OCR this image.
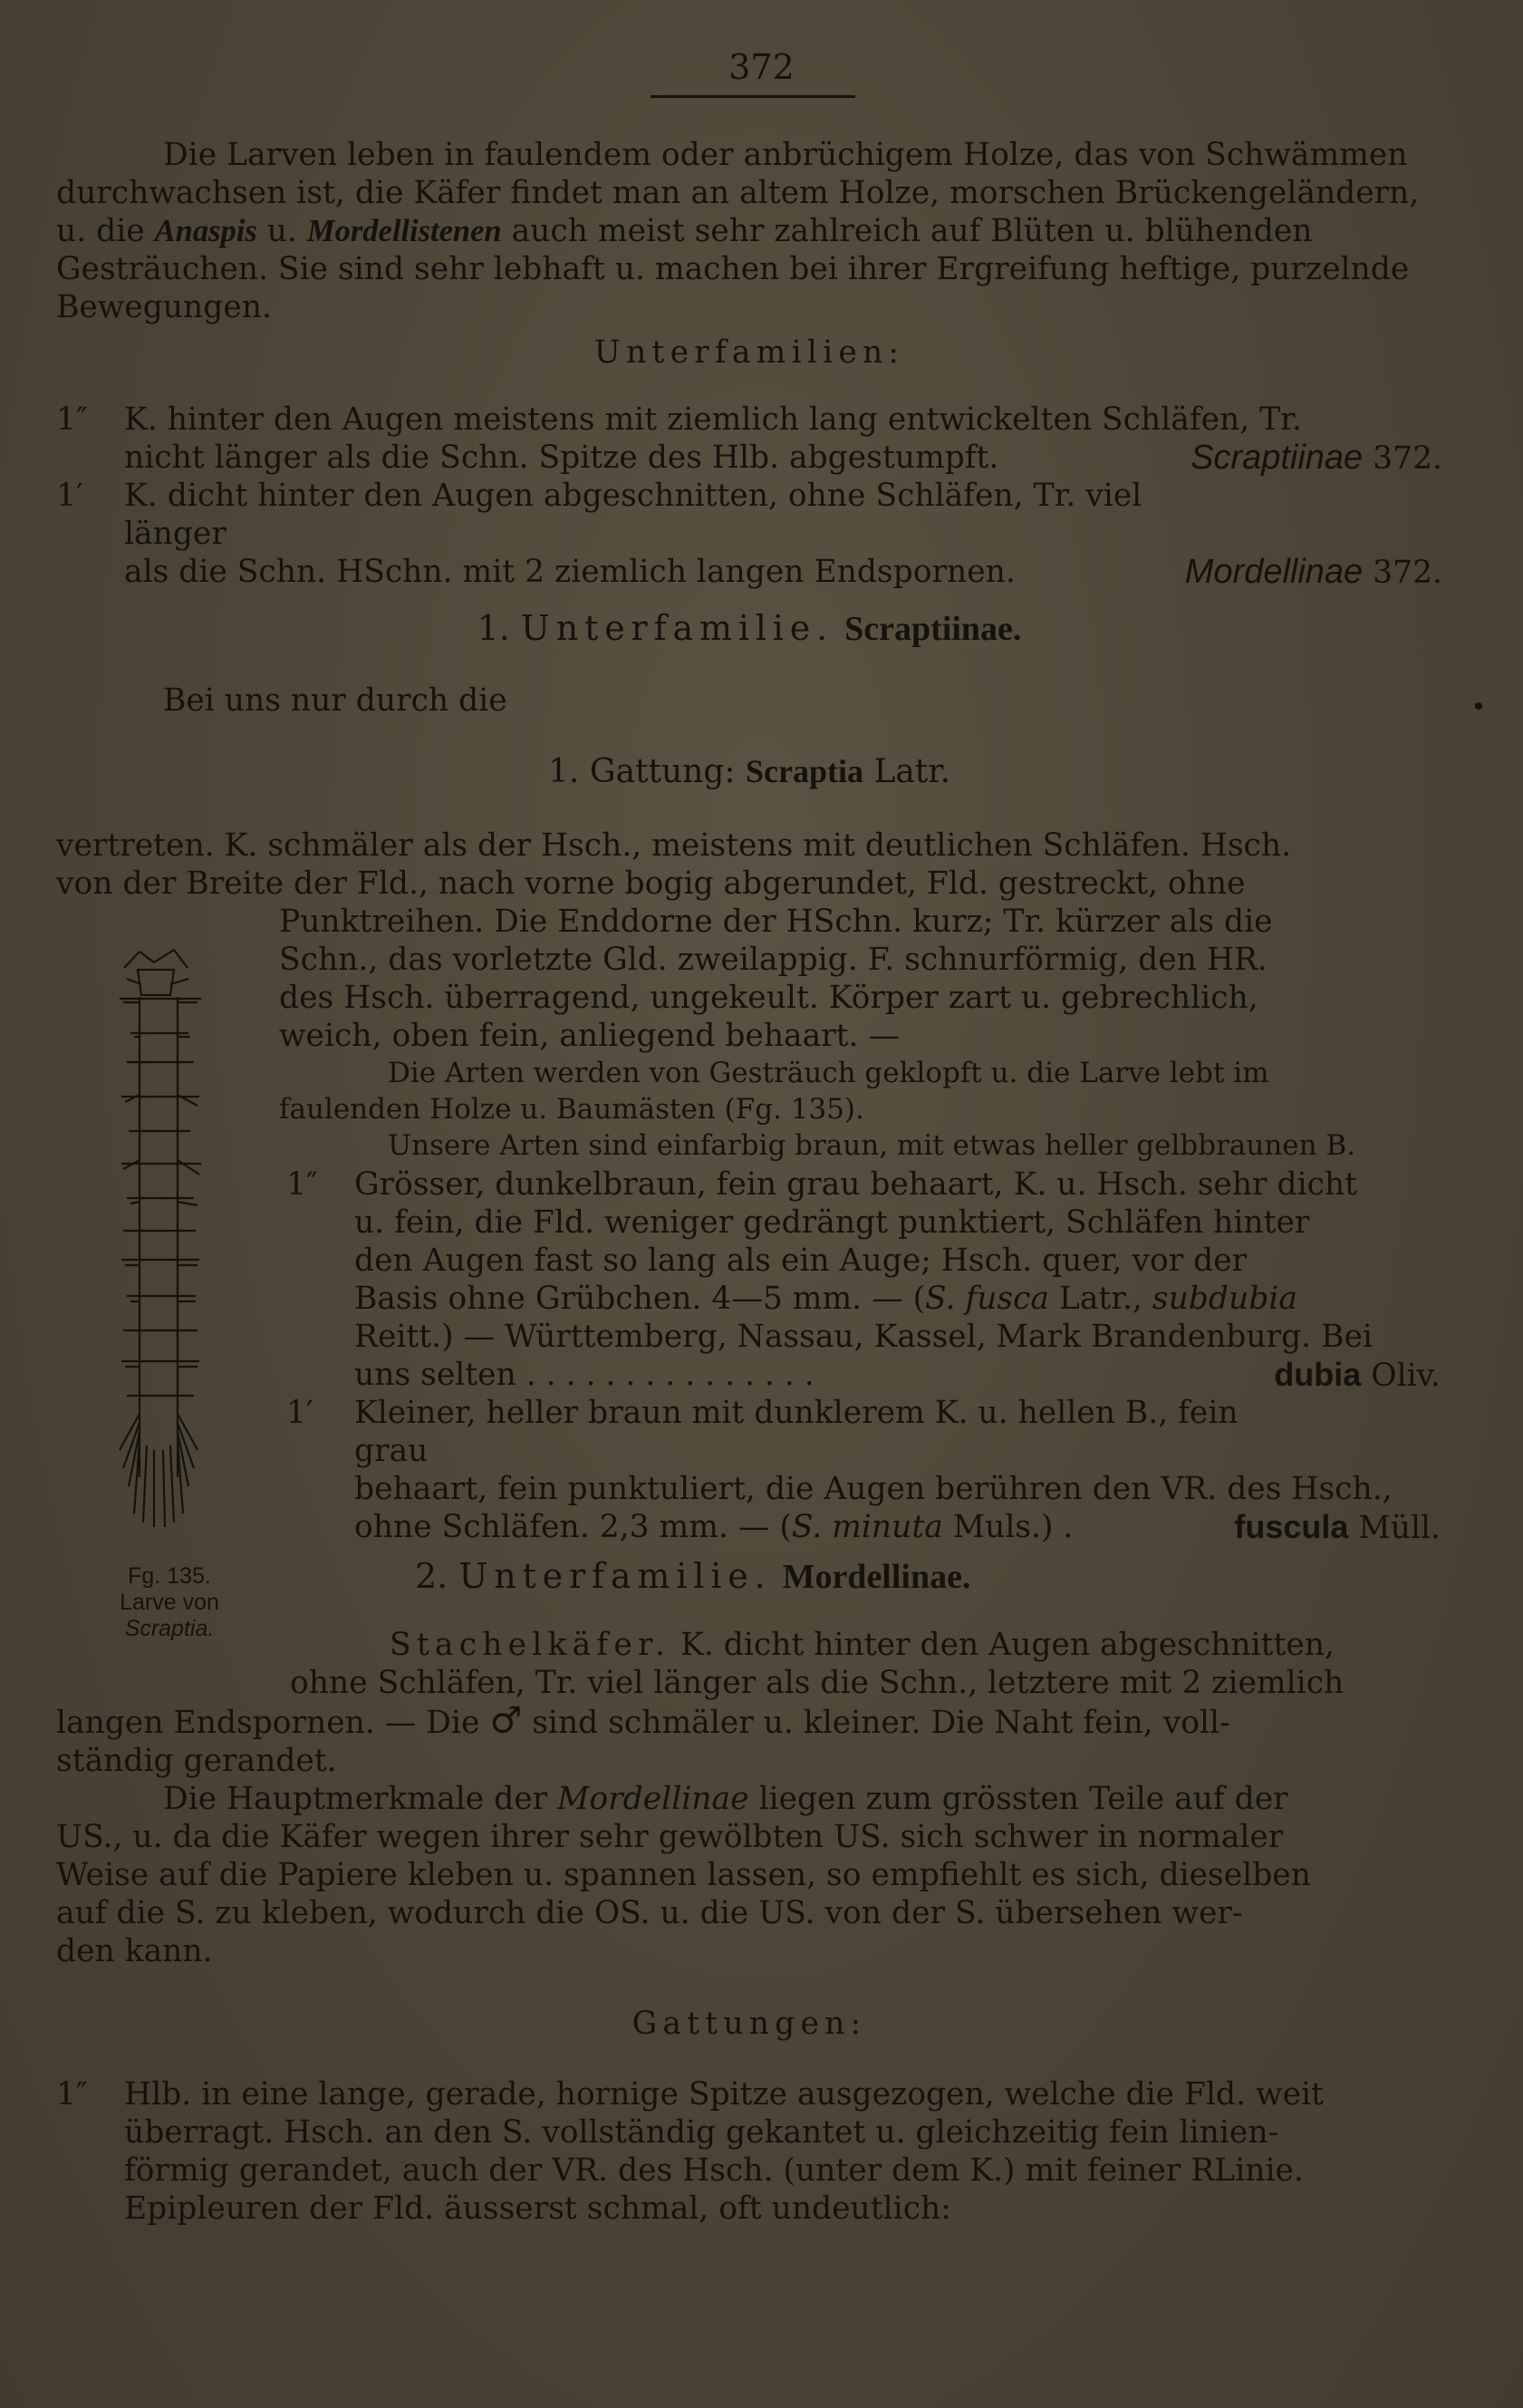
372

Die Larven leben in faulendem oder anbrüchigem Holze, das von Schwämmen

durchwachsen ist, die Käfer findet man an altem Holze, morschen Brückengeländern,

u. die Anaspis u. Mordellistenen auch meist sehr zahlreich auf Blüten u. blühenden

Gesträuchen. Sie sind sehr lebhaft u. machen bei ihrer Ergreifung heftige, purzelnde

Bewegungen.

Unterfamilien:
1″ K. hinter den Augen meistens mit ziemlich lang entwickelten Schläfen, Tr.

nicht länger als die Schn. Spitze des Hlb. abgestumpft.	Scraptiinae 372.

1′ K. dicht hinter den Augen abgeschnitten, ohne Schläfen, Tr. viel länger

als die Schn. HSchn. mit 2 ziemlich langen Endspornen.	Mordellinae 372.

1. Unterfamilie. Scraptiinae.

Bei uns nur durch die

1. Gattung: Scraptia Latr.

vertreten. K. schmäler als der Hsch., meistens mit deutlichen Schläfen. Hsch.

von der Breite der Fld., nach vorne bogig abgerundet, Fld. gestreckt, ohne

Punktreihen. Die Enddorne der HSchn. kurz; Tr. kürzer als die

Schn., das vorletzte Gld. zweilappig. F. schnurförmig, den HR.

des Hsch. überragend, ungekeult. Körper zart u. gebrechlich,

weich, oben fein, anliegend behaart. —

Die Arten werden von Gesträuch geklopft u. die Larve lebt im

faulenden Holze u. Baumästen (Fg. 135).

Unsere Arten sind einfarbig braun, mit etwas heller gelbbraunen B.

1″ Grösser, dunkelbraun, fein grau behaart, K. u. Hsch. sehr dicht

u. fein, die Fld. weniger gedrängt punktiert, Schläfen hinter

den Augen fast so lang als ein Auge; Hsch. quer, vor der

Basis ohne Grübchen. 4—5 mm. — (S. fusca Latr., subdubia

Reitt.) — Württemberg, Nassau, Kassel, Mark Brandenburg. Bei

uns selten . . . . . . . . . . . . . . .	dubia Oliv.

1′ Kleiner, heller braun mit dunklerem K. u. hellen B., fein grau

behaart, fein punktuliert, die Augen berühren den VR. des Hsch.,

ohne Schläfen. 2,3 mm. — (S. minuta Muls.) .	fuscula Müll.

Fg. 135.
Larve von
Scraptia.
2. Unterfamilie. Mordellinae.

Stachelkäfer. K. dicht hinter den Augen abgeschnitten,

ohne Schläfen, Tr. viel länger als die Schn., letztere mit 2 ziemlich

langen Endspornen. — Die ♂ sind schmäler u. kleiner. Die Naht fein, voll-

ständig gerandet.

Die Hauptmerkmale der Mordellinae liegen zum grössten Teile auf der

US., u. da die Käfer wegen ihrer sehr gewölbten US. sich schwer in normaler

Weise auf die Papiere kleben u. spannen lassen, so empfiehlt es sich, dieselben

auf die S. zu kleben, wodurch die OS. u. die US. von der S. übersehen wer-

den kann.

Gattungen:
1″ Hlb. in eine lange, gerade, hornige Spitze ausgezogen, welche die Fld. weit

überragt. Hsch. an den S. vollständig gekantet u. gleichzeitig fein linien-

förmig gerandet, auch der VR. des Hsch. (unter dem K.) mit feiner RLinie.

Epipleuren der Fld. äusserst schmal, oft undeutlich:
